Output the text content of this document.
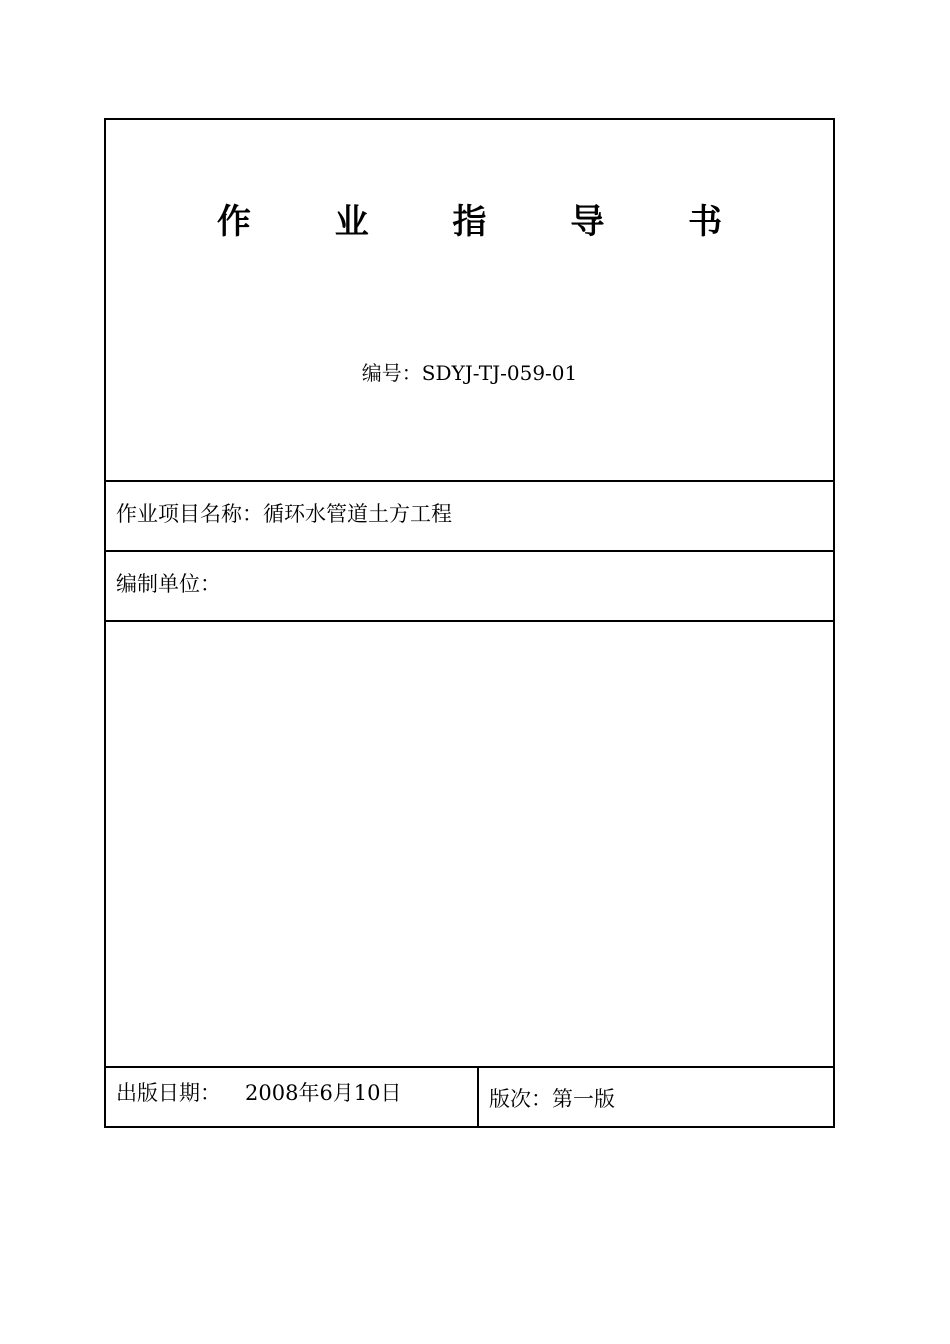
作 业 指 导 书
编号：SDYJ-TJ-059-01
作业项目名称：循环水管道土方工程
编制单位：
出版日期： 2008年6月10日	版次：第一版
